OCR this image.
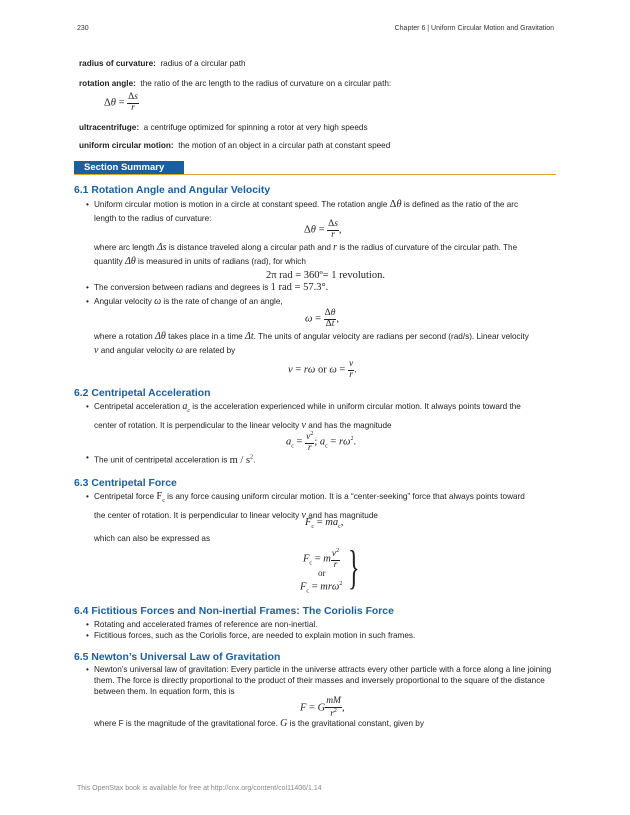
230	Chapter 6 | Uniform Circular Motion and Gravitation
radius of curvature: radius of a circular path
rotation angle: the ratio of the arc length to the radius of curvature on a circular path:
$\Delta\theta = \frac{\Delta s}{r}$
ultracentrifuge: a centrifuge optimized for spinning a rotor at very high speeds
uniform circular motion: the motion of an object in a circular path at constant speed
Section Summary
6.1 Rotation Angle and Angular Velocity
• Uniform circular motion is motion in a circle at constant speed. The rotation angle Δθ is defined as the ratio of the arc
length to the radius of curvature:
$\Delta\theta = \frac{\Delta s}{r}$ ,
where arc length Δs is distance traveled along a circular path and r is the radius of curvature of the circular path. The
quantity Δθ is measured in units of radians (rad), for which
2π rad = 360º= 1 revolution.
• The conversion between radians and degrees is 1 rad = 57.3°.
• Angular velocity ω is the rate of change of an angle,
$\omega = \frac{\Delta\theta}{\Delta t}$ ,
where a rotation Δθ takes place in a time Δt. The units of angular velocity are radians per second (rad/s). Linear velocity
v and angular velocity ω are related by
v = rω or $\omega = \frac{v}{r}$ .
6.2 Centripetal Acceleration
• Centripetal acceleration $a_c$ is the acceleration experienced while in uniform circular motion. It always points toward the
center of rotation. It is perpendicular to the linear velocity v and has the magnitude
$a_c = \frac{v^2}{r}$ ; $a_c = r\omega^2$.
• The unit of centripetal acceleration is m / $s^2$.
6.3 Centripetal Force
• Centripetal force $F_c$ is any force causing uniform circular motion. It is a “center-seeking” force that always points toward
the center of rotation. It is perpendicular to linear velocity v and has magnitude
$F_c = ma_c$,
which can also be expressed as
$F_c = m \frac{v^2}{r}$
or
$F_c = mr\omega^2$ }
6.4 Fictitious Forces and Non-inertial Frames: The Coriolis Force
• Rotating and accelerated frames of reference are non-inertial.
• Fictitious forces, such as the Coriolis force, are needed to explain motion in such frames.
6.5 Newton’s Universal Law of Gravitation
• Newton’s universal law of gravitation: Every particle in the universe attracts every other particle with a force along a line joining them. The force is directly proportional to the product of their masses and inversely proportional to the square of the distance between them. In equation form, this is
F = G $\frac{mM}{r^2}$ ,
where F is the magnitude of the gravitational force. G is the gravitational constant, given by
This OpenStax book is available for free at http://cnx.org/content/col11406/1.14
